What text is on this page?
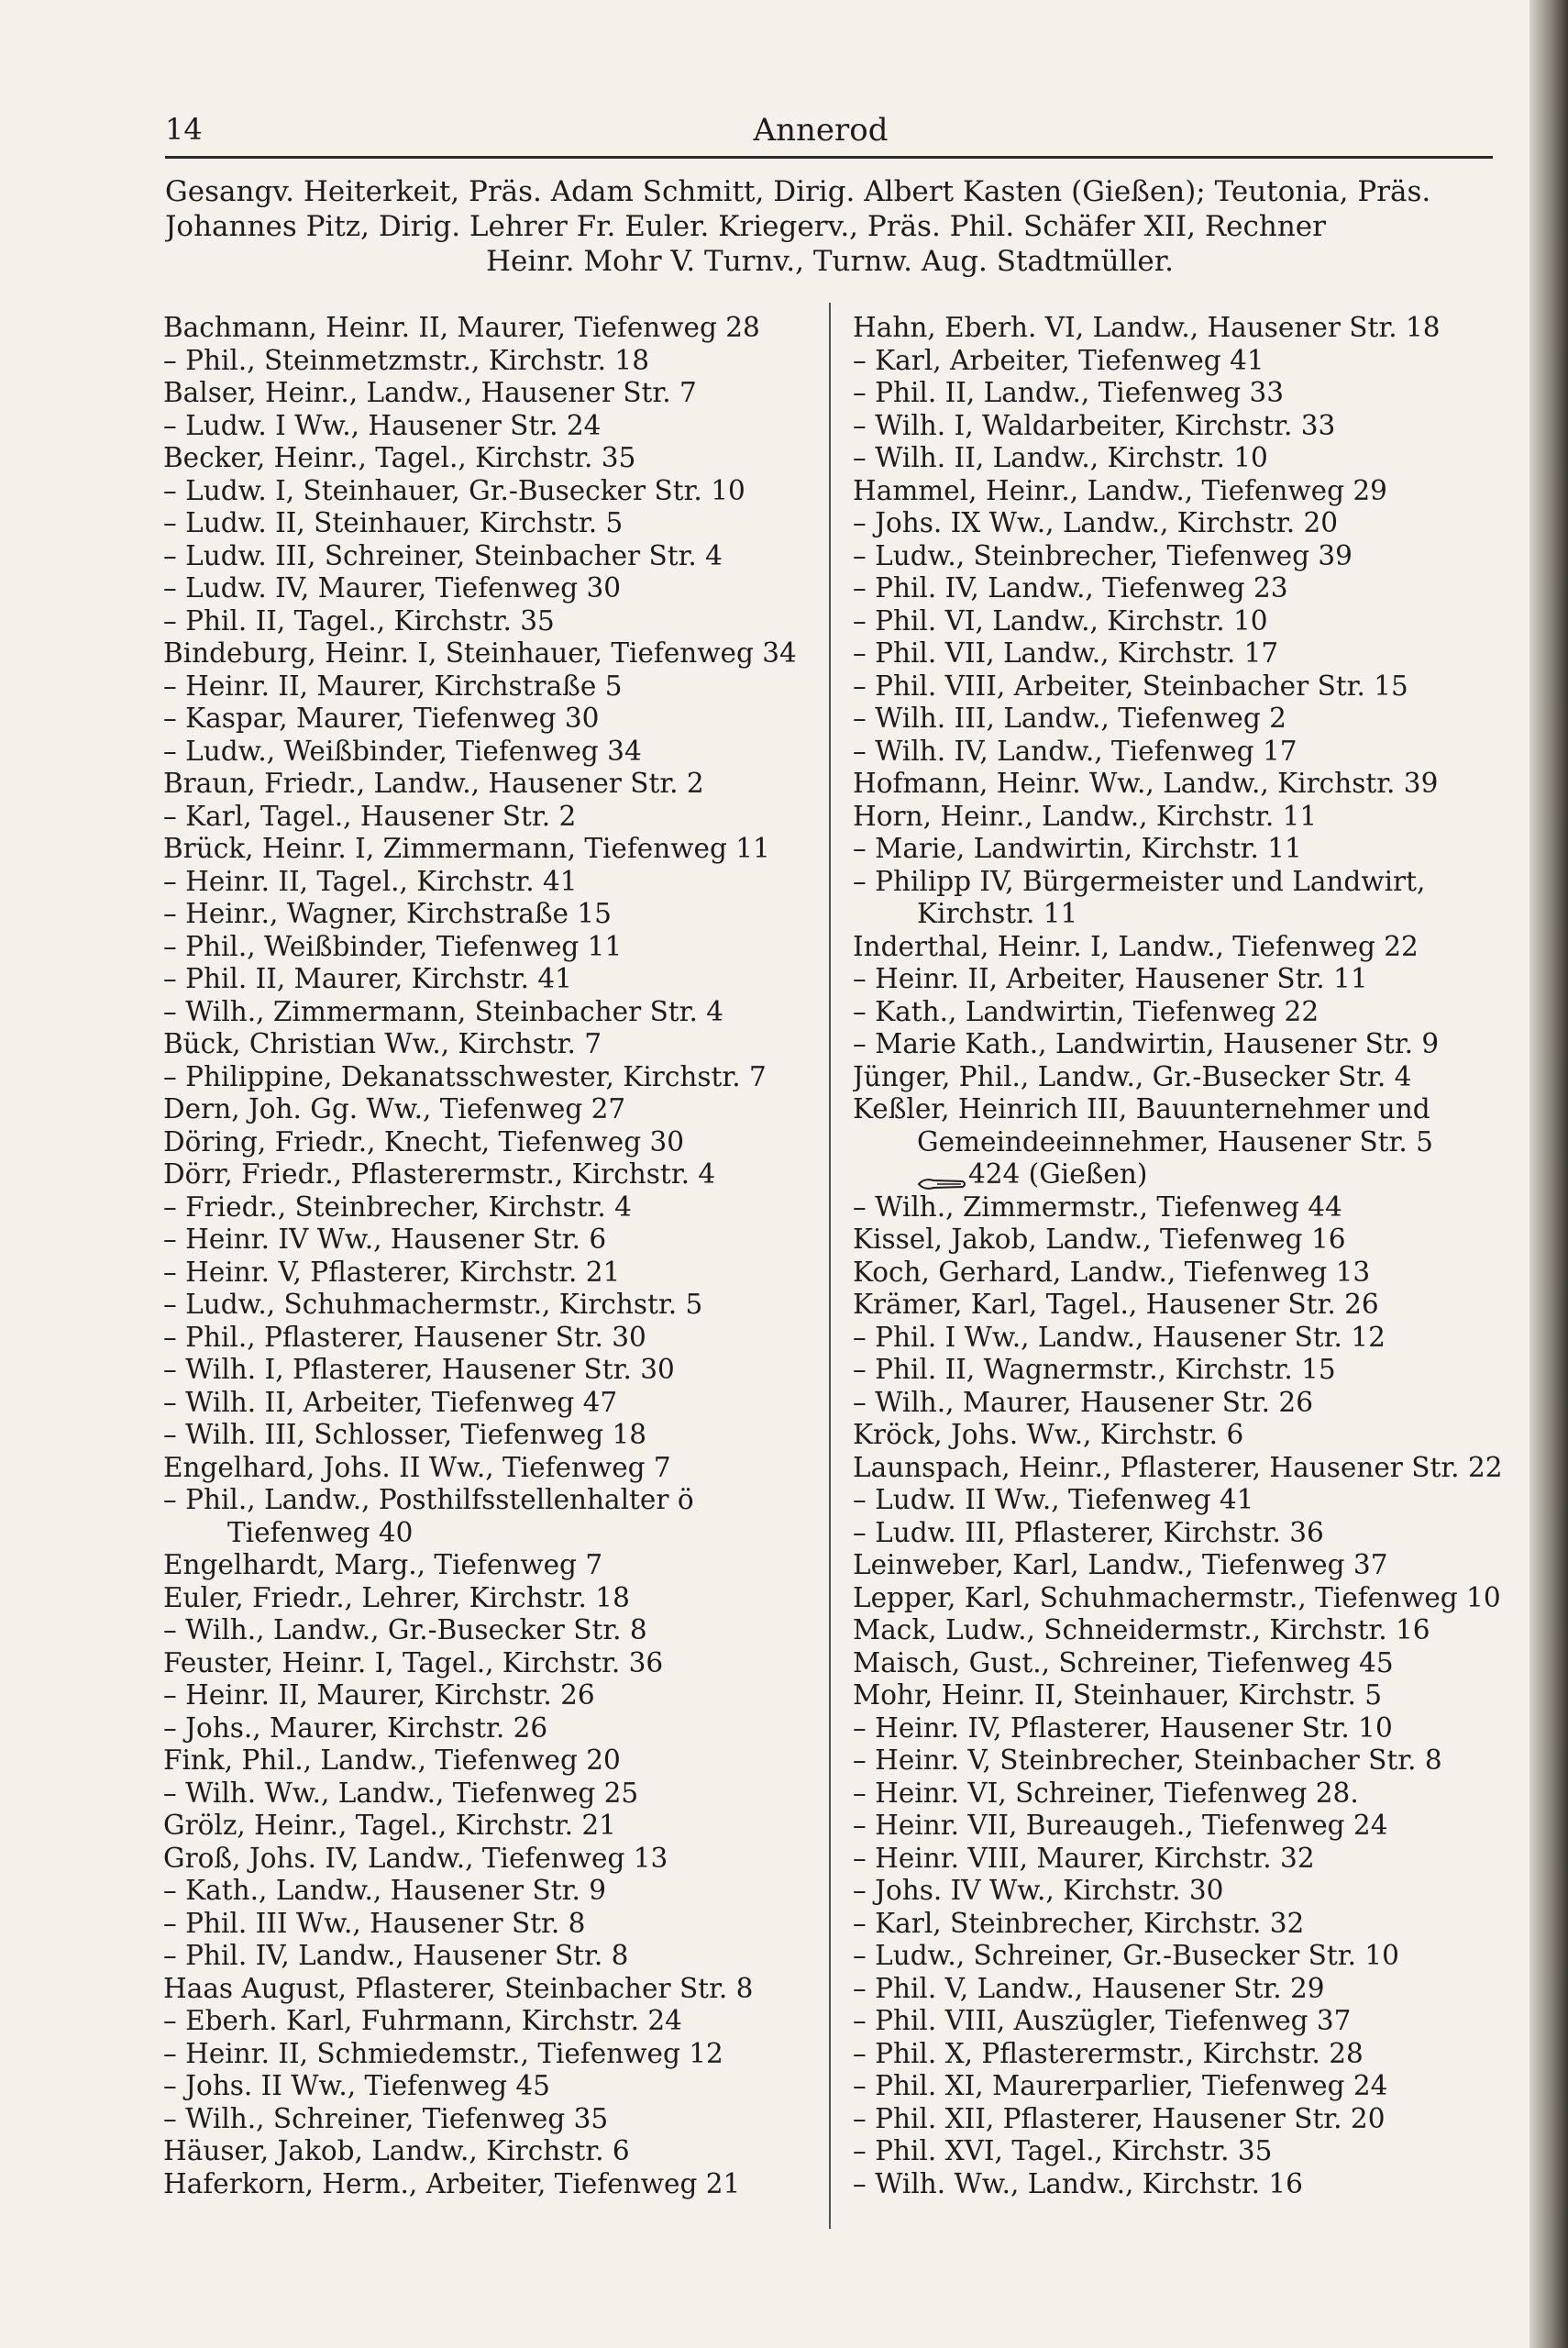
14	Annerod
Gesangv. Heiterkeit, Präs. Adam Schmitt, Dirig. Albert Kasten (Gießen); Teutonia, Präs.
Johannes Pitz, Dirig. Lehrer Fr. Euler. Kriegerv., Präs. Phil. Schäfer XII, Rechner
Heinr. Mohr V. Turnv., Turnw. Aug. Stadtmüller.
Bachmann, Heinr. II, Maurer, Tiefenweg 28
– Phil., Steinmetzmstr., Kirchstr. 18
Balser, Heinr., Landw., Hausener Str. 7
– Ludw. I Ww., Hausener Str. 24
Becker, Heinr., Tagel., Kirchstr. 35
– Ludw. I, Steinhauer, Gr.-Busecker Str. 10
– Ludw. II, Steinhauer, Kirchstr. 5
– Ludw. III, Schreiner, Steinbacher Str. 4
– Ludw. IV, Maurer, Tiefenweg 30
– Phil. II, Tagel., Kirchstr. 35
Bindeburg, Heinr. I, Steinhauer, Tiefenweg 34
– Heinr. II, Maurer, Kirchstraße 5
– Kaspar, Maurer, Tiefenweg 30
– Ludw., Weißbinder, Tiefenweg 34
Braun, Friedr., Landw., Hausener Str. 2
– Karl, Tagel., Hausener Str. 2
Brück, Heinr. I, Zimmermann, Tiefenweg 11
– Heinr. II, Tagel., Kirchstr. 41
– Heinr., Wagner, Kirchstraße 15
– Phil., Weißbinder, Tiefenweg 11
– Phil. II, Maurer, Kirchstr. 41
– Wilh., Zimmermann, Steinbacher Str. 4
Bück, Christian Ww., Kirchstr. 7
– Philippine, Dekanatsschwester, Kirchstr. 7
Dern, Joh. Gg. Ww., Tiefenweg 27
Döring, Friedr., Knecht, Tiefenweg 30
Dörr, Friedr., Pflasterermstr., Kirchstr. 4
– Friedr., Steinbrecher, Kirchstr. 4
– Heinr. IV Ww., Hausener Str. 6
– Heinr. V, Pflasterer, Kirchstr. 21
– Ludw., Schuhmachermstr., Kirchstr. 5
– Phil., Pflasterer, Hausener Str. 30
– Wilh. I, Pflasterer, Hausener Str. 30
– Wilh. II, Arbeiter, Tiefenweg 47
– Wilh. III, Schlosser, Tiefenweg 18
Engelhard, Johs. II Ww., Tiefenweg 7
– Phil., Landw., Posthilfsstellenhalter ö
Tiefenweg 40
Engelhardt, Marg., Tiefenweg 7
Euler, Friedr., Lehrer, Kirchstr. 18
– Wilh., Landw., Gr.-Busecker Str. 8
Feuster, Heinr. I, Tagel., Kirchstr. 36
– Heinr. II, Maurer, Kirchstr. 26
– Johs., Maurer, Kirchstr. 26
Fink, Phil., Landw., Tiefenweg 20
– Wilh. Ww., Landw., Tiefenweg 25
Grölz, Heinr., Tagel., Kirchstr. 21
Groß, Johs. IV, Landw., Tiefenweg 13
– Kath., Landw., Hausener Str. 9
– Phil. III Ww., Hausener Str. 8
– Phil. IV, Landw., Hausener Str. 8
Haas August, Pflasterer, Steinbacher Str. 8
– Eberh. Karl, Fuhrmann, Kirchstr. 24
– Heinr. II, Schmiedemstr., Tiefenweg 12
– Johs. II Ww., Tiefenweg 45
– Wilh., Schreiner, Tiefenweg 35
Häuser, Jakob, Landw., Kirchstr. 6
Haferkorn, Herm., Arbeiter, Tiefenweg 21
Hahn, Eberh. VI, Landw., Hausener Str. 18
– Karl, Arbeiter, Tiefenweg 41
– Phil. II, Landw., Tiefenweg 33
– Wilh. I, Waldarbeiter, Kirchstr. 33
– Wilh. II, Landw., Kirchstr. 10
Hammel, Heinr., Landw., Tiefenweg 29
– Johs. IX Ww., Landw., Kirchstr. 20
– Ludw., Steinbrecher, Tiefenweg 39
– Phil. IV, Landw., Tiefenweg 23
– Phil. VI, Landw., Kirchstr. 10
– Phil. VII, Landw., Kirchstr. 17
– Phil. VIII, Arbeiter, Steinbacher Str. 15
– Wilh. III, Landw., Tiefenweg 2
– Wilh. IV, Landw., Tiefenweg 17
Hofmann, Heinr. Ww., Landw., Kirchstr. 39
Horn, Heinr., Landw., Kirchstr. 11
– Marie, Landwirtin, Kirchstr. 11
– Philipp IV, Bürgermeister und Landwirt,
Kirchstr. 11
Inderthal, Heinr. I, Landw., Tiefenweg 22
– Heinr. II, Arbeiter, Hausener Str. 11
– Kath., Landwirtin, Tiefenweg 22
– Marie Kath., Landwirtin, Hausener Str. 9
Jünger, Phil., Landw., Gr.-Busecker Str. 4
Keßler, Heinrich III, Bauunternehmer und
Gemeindeeinnehmer, Hausener Str. 5
424 (Gießen)
– Wilh., Zimmermstr., Tiefenweg 44
Kissel, Jakob, Landw., Tiefenweg 16
Koch, Gerhard, Landw., Tiefenweg 13
Krämer, Karl, Tagel., Hausener Str. 26
– Phil. I Ww., Landw., Hausener Str. 12
– Phil. II, Wagnermstr., Kirchstr. 15
– Wilh., Maurer, Hausener Str. 26
Kröck, Johs. Ww., Kirchstr. 6
Launspach, Heinr., Pflasterer, Hausener Str. 22
– Ludw. II Ww., Tiefenweg 41
– Ludw. III, Pflasterer, Kirchstr. 36
Leinweber, Karl, Landw., Tiefenweg 37
Lepper, Karl, Schuhmachermstr., Tiefenweg 10
Mack, Ludw., Schneidermstr., Kirchstr. 16
Maisch, Gust., Schreiner, Tiefenweg 45
Mohr, Heinr. II, Steinhauer, Kirchstr. 5
– Heinr. IV, Pflasterer, Hausener Str. 10
– Heinr. V, Steinbrecher, Steinbacher Str. 8
– Heinr. VI, Schreiner, Tiefenweg 28.
– Heinr. VII, Bureaugeh., Tiefenweg 24
– Heinr. VIII, Maurer, Kirchstr. 32
– Johs. IV Ww., Kirchstr. 30
– Karl, Steinbrecher, Kirchstr. 32
– Ludw., Schreiner, Gr.-Busecker Str. 10
– Phil. V, Landw., Hausener Str. 29
– Phil. VIII, Auszügler, Tiefenweg 37
– Phil. X, Pflasterermstr., Kirchstr. 28
– Phil. XI, Maurerparlier, Tiefenweg 24
– Phil. XII, Pflasterer, Hausener Str. 20
– Phil. XVI, Tagel., Kirchstr. 35
– Wilh. Ww., Landw., Kirchstr. 16
